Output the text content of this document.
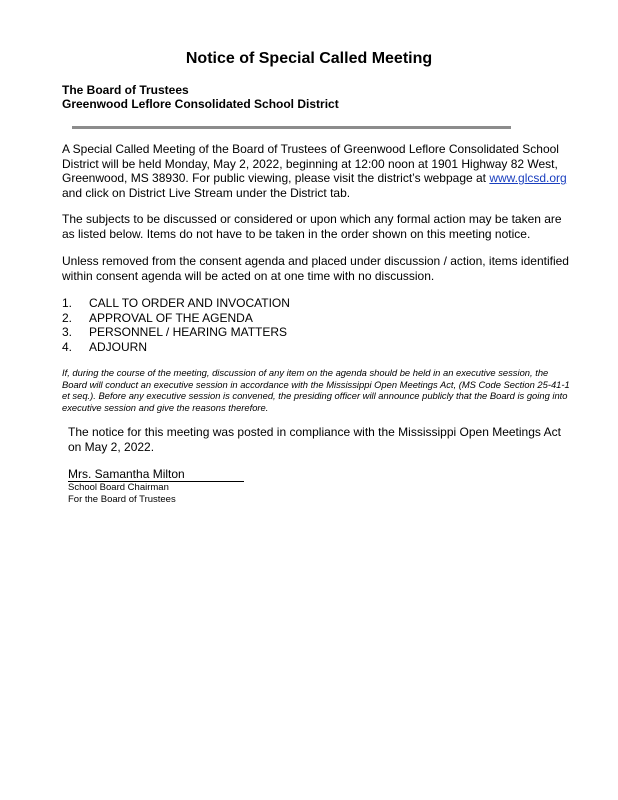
Notice of Special Called Meeting
The Board of Trustees
Greenwood Leflore Consolidated School District

A Special Called Meeting of the Board of Trustees of Greenwood Leflore Consolidated School District will be held Monday, May 2, 2022, beginning at 12:00 noon at 1901 Highway 82 West, Greenwood, MS 38930. For public viewing, please visit the district’s webpage at www.glcsd.org and click on District Live Stream under the District tab.

The subjects to be discussed or considered or upon which any formal action may be taken are as listed below. Items do not have to be taken in the order shown on this meeting notice.

Unless removed from the consent agenda and placed under discussion / action, items identified within consent agenda will be acted on at one time with no discussion.

1.	CALL TO ORDER AND INVOCATION
2.	APPROVAL OF THE AGENDA
3.	PERSONNEL / HEARING MATTERS
4.	ADJOURN

If, during the course of the meeting, discussion of any item on the agenda should be held in an executive session, the Board will conduct an executive session in accordance with the Mississippi Open Meetings Act, (MS Code Section 25-41-1 et seq.). Before any executive session is convened, the presiding officer will announce publicly that the Board is going into executive session and give the reasons therefore.

The notice for this meeting was posted in compliance with the Mississippi Open Meetings Act on May 2, 2022.

Mrs. Samantha Milton
School Board Chairman
For the Board of Trustees
